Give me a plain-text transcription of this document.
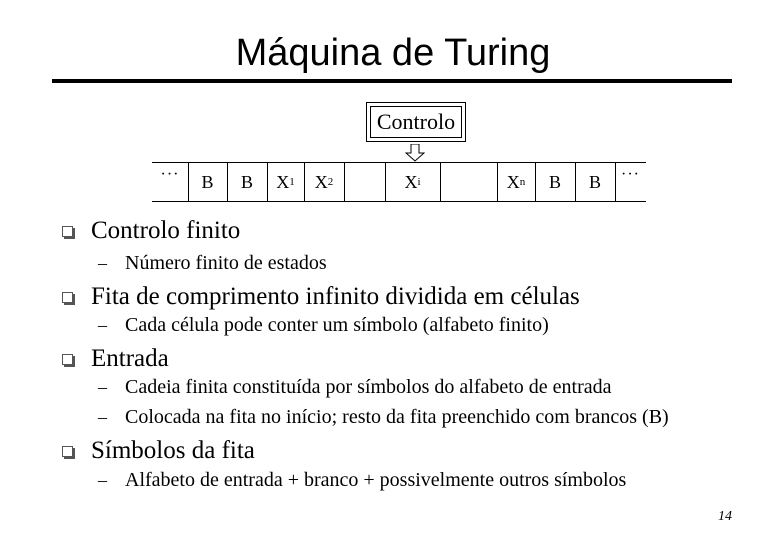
Máquina de Turing
Controlo
··· B B X 1 X 2	X i	X n B B ···
Controlo finito
– Número finito de estados
Fita de comprimento infinito dividida em células
– Cada célula pode conter um símbolo (alfabeto finito)
Entrada
– Cadeia finita constituída por símbolos do alfabeto de entrada
– Colocada na fita no início; resto da fita preenchido com brancos (B)
Símbolos da fita
– Alfabeto de entrada + branco + possivelmente outros símbolos
14
